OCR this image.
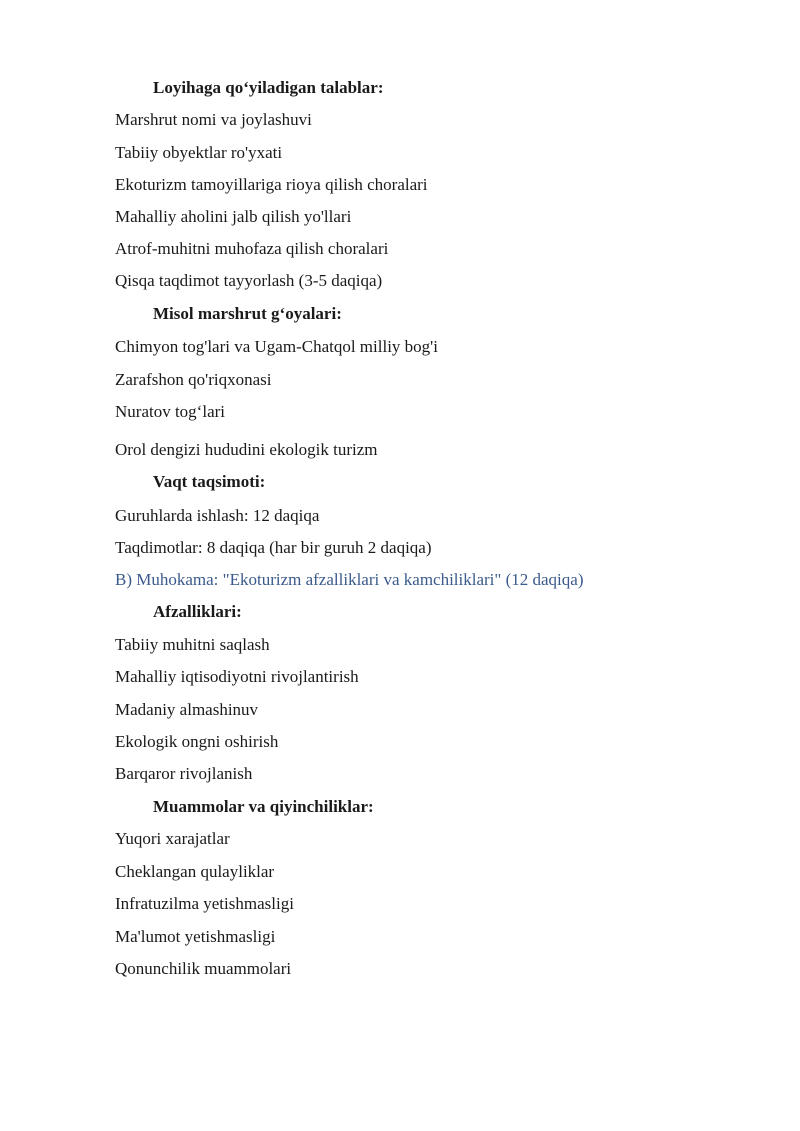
Loyihaga qo‘yiladigan talablar:
Marshrut nomi va joylashuvi
Tabiiy obyektlar ro'yxati
Ekoturizm tamoyillariga rioya qilish choralari
Mahalliy aholini jalb qilish yo'llari
Atrof-muhitni muhofaza qilish choralari
Qisqa taqdimot tayyorlash (3-5 daqiqa)
Misol marshrut g‘oyalari:
Chimyon tog'lari va Ugam-Chatqol milliy bog'i
Zarafshon qo'riqxonasi
Nuratov tog‘lari
Orol dengizi hududini ekologik turizm
Vaqt taqsimoti:
Guruhlarda ishlash: 12 daqiqa
Taqdimotlar: 8 daqiqa (har bir guruh 2 daqiqa)
B) Muhokama: "Ekoturizm afzalliklari va kamchiliklari" (12 daqiqa)
Afzalliklari:
Tabiiy muhitni saqlash
Mahalliy iqtisodiyotni rivojlantirish
Madaniy almashinuv
Ekologik ongni oshirish
Barqaror rivojlanish
Muammolar va qiyinchiliklar:
Yuqori xarajatlar
Cheklangan qulayliklar
Infratuzilma yetishmasligi
Ma'lumot yetishmasligi
Qonunchilik muammolari
